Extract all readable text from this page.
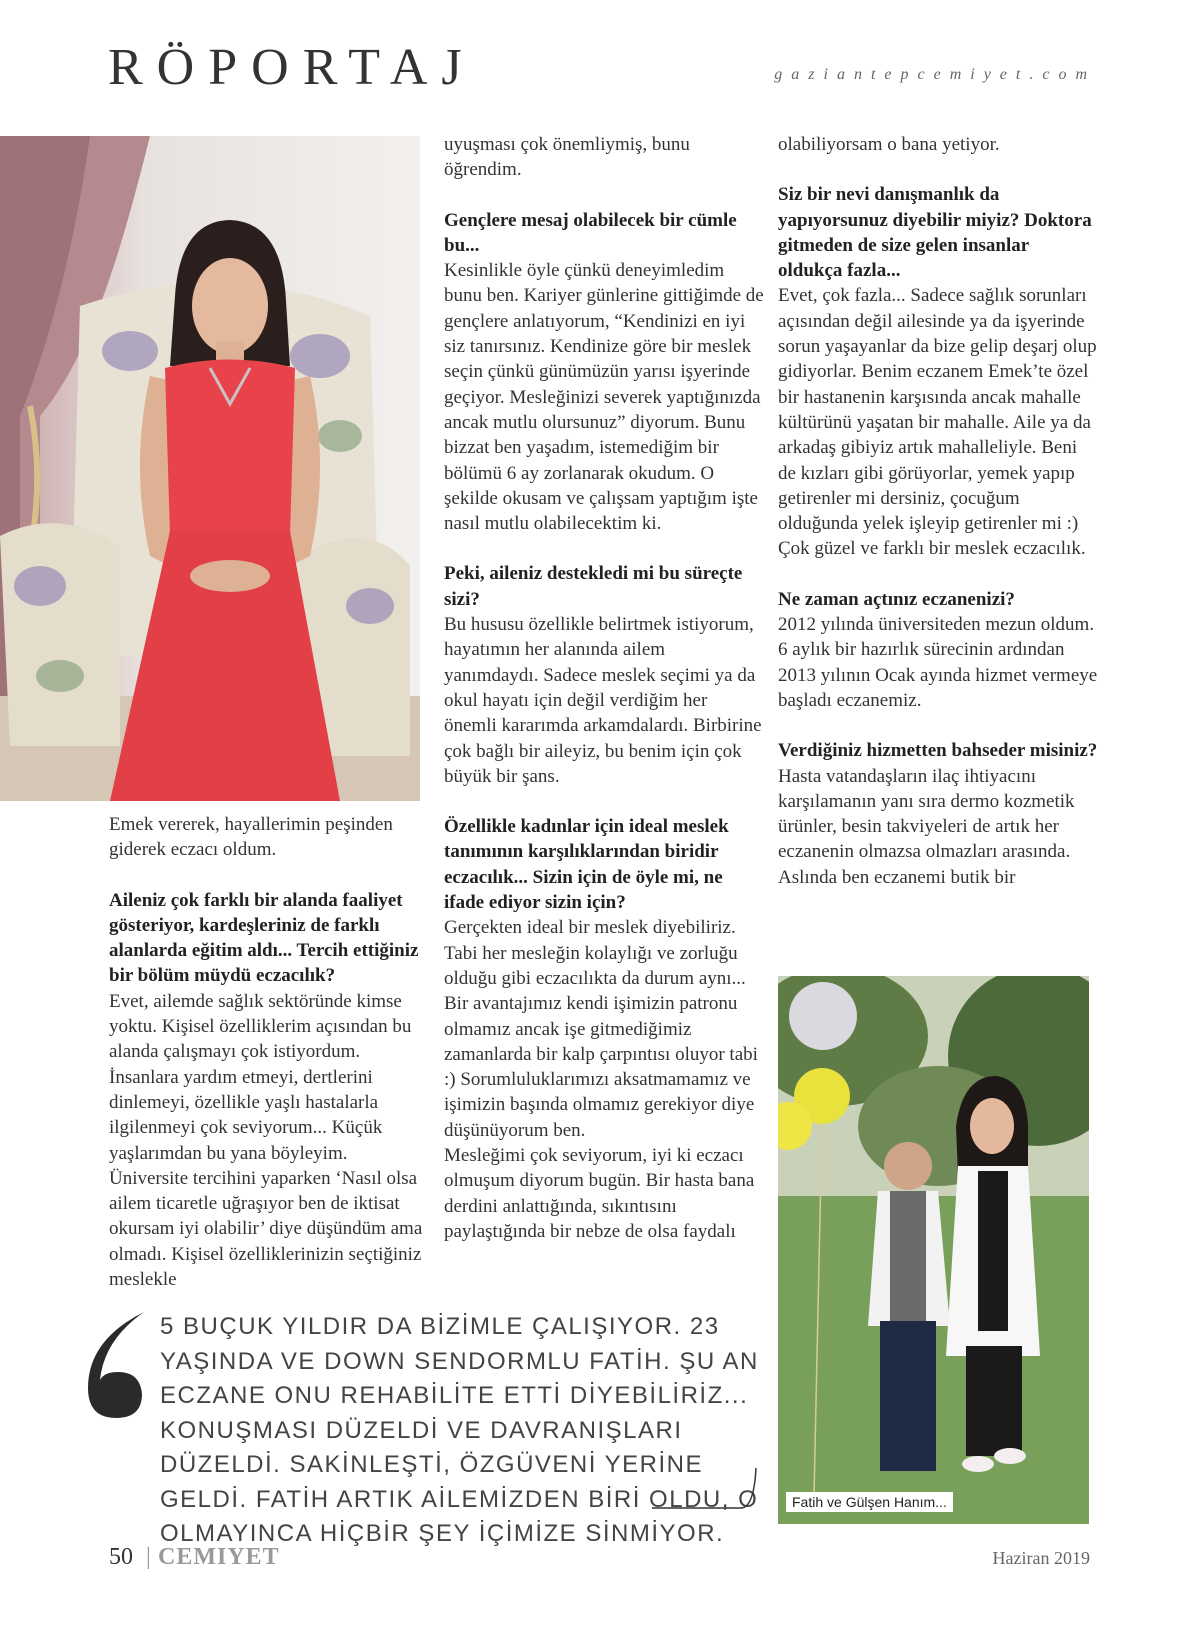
RÖPORTAJ	gaziantepcemiyet.com

Emek vererek, hayallerimin peşinden giderek eczacı oldum.

Aileniz çok farklı bir alanda faaliyet gösteriyor, kardeşleriniz de farklı alanlarda eğitim aldı... Tercih ettiğiniz bir bölüm müydü eczacılık?

Evet, ailemde sağlık sektöründe kimse yoktu. Kişisel özelliklerim açısından bu alanda çalışmayı çok istiyordum. İnsanlara yardım etmeyi, dertlerini dinlemeyi, özellikle yaşlı hastalarla ilgilenmeyi çok seviyorum... Küçük yaşlarımdan bu yana böyleyim. Üniversite tercihini yaparken ‘Nasıl olsa ailem ticaretle uğraşıyor ben de iktisat okursam iyi olabilir’ diye düşündüm ama olmadı. Kişisel özelliklerinizin seçtiğiniz meslekle

uyuşması çok önemliymiş, bunu öğrendim.

Gençlere mesaj olabilecek bir cümle bu...

Kesinlikle öyle çünkü deneyimledim bunu ben. Kariyer günlerine gittiğimde de gençlere anlatıyorum, “Kendinizi en iyi siz tanırsınız. Kendinize göre bir meslek seçin çünkü günümüzün yarısı işyerinde geçiyor. Mesleğinizi severek yaptığınızda ancak mutlu olursunuz” diyorum. Bunu bizzat ben yaşadım, istemediğim bir bölümü 6 ay zorlanarak okudum. O şekilde okusam ve çalışsam yaptığım işte nasıl mutlu olabilecektim ki.

Peki, aileniz destekledi mi bu süreçte sizi?

Bu hususu özellikle belirtmek istiyorum, hayatımın her alanında ailem yanımdaydı. Sadece meslek seçimi ya da okul hayatı için değil verdiğim her önemli kararımda arkamdalardı. Birbirine çok bağlı bir aileyiz, bu benim için çok büyük bir şans.

Özellikle kadınlar için ideal meslek tanımının karşılıklarından biridir eczacılık... Sizin için de öyle mi, ne ifade ediyor sizin için?

Gerçekten ideal bir meslek diyebiliriz. Tabi her mesleğin kolaylığı ve zorluğu olduğu gibi eczacılıkta da durum aynı... Bir avantajımız kendi işimizin patronu olmamız ancak işe gitmediğimiz zamanlarda bir kalp çarpıntısı oluyor tabi :) Sorumluluklarımızı aksatmamamız ve işimizin başında olmamız gerekiyor diye düşünüyorum ben.

Mesleğimi çok seviyorum, iyi ki eczacı olmuşum diyorum bugün. Bir hasta bana derdini anlattığında, sıkıntısını paylaştığında bir nebze de olsa faydalı

olabiliyorsam o bana yetiyor.

Siz bir nevi danışmanlık da yapıyorsunuz diyebilir miyiz? Doktora gitmeden de size gelen insanlar oldukça fazla...

Evet, çok fazla... Sadece sağlık sorunları açısından değil ailesinde ya da işyerinde sorun yaşayanlar da bize gelip deşarj olup gidiyorlar. Benim eczanem Emek’te özel bir hastanenin karşısında ancak mahalle kültürünü yaşatan bir mahalle. Aile ya da arkadaş gibiyiz artık mahalleliyle. Beni de kızları gibi görüyorlar, yemek yapıp getirenler mi dersiniz, çocuğum olduğunda yelek işleyip getirenler mi :) Çok güzel ve farklı bir meslek eczacılık.

Ne zaman açtınız eczanenizi?

2012 yılında üniversiteden mezun oldum. 6 aylık bir hazırlık sürecinin ardından 2013 yılının Ocak ayında hizmet vermeye başladı eczanemiz.

Verdiğiniz hizmetten bahseder misiniz?

Hasta vatandaşların ilaç ihtiyacını karşılamanın yanı sıra dermo kozmetik ürünler, besin takviyeleri de artık her eczanenin olmazsa olmazları arasında. Aslında ben eczanemi butik bir

Fatih ve Gülşen Hanım...
5 BUÇUK YILDIR DA BİZİMLE ÇALIŞIYOR. 23 YAŞINDA VE DOWN SENDORMLU FATİH. ŞU AN ECZANE ONU REHABİLİTE ETTİ DİYEBİLİRİZ... KONUŞMASI DÜZELDİ VE DAVRANIŞLARI DÜZELDİ. SAKİNLEŞTİ, ÖZGÜVENİ YERİNE GELDİ. FATİH ARTIK AİLEMİZDEN BİRİ OLDU, O OLMAYINCA HİÇBİR ŞEY İÇİMİZE SİNMİYOR.
50 | CEMIYET	Haziran 2019
